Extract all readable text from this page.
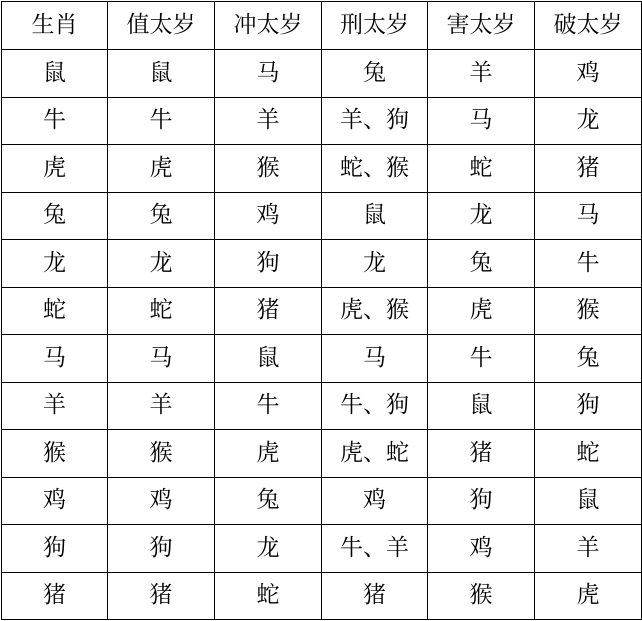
生肖	值太岁	冲太岁	刑太岁	害太岁	破太岁
鼠	鼠	马	兔	羊	鸡
牛	牛	羊	羊、狗	马	龙
虎	虎	猴	蛇、猴	蛇	猪
兔	兔	鸡	鼠	龙	马
龙	龙	狗	龙	兔	牛
蛇	蛇	猪	虎、猴	虎	猴
马	马	鼠	马	牛	兔
羊	羊	牛	牛、狗	鼠	狗
猴	猴	虎	虎、蛇	猪	蛇
鸡	鸡	兔	鸡	狗	鼠
狗	狗	龙	牛、羊	鸡	羊
猪	猪	蛇	猪	猴	虎
